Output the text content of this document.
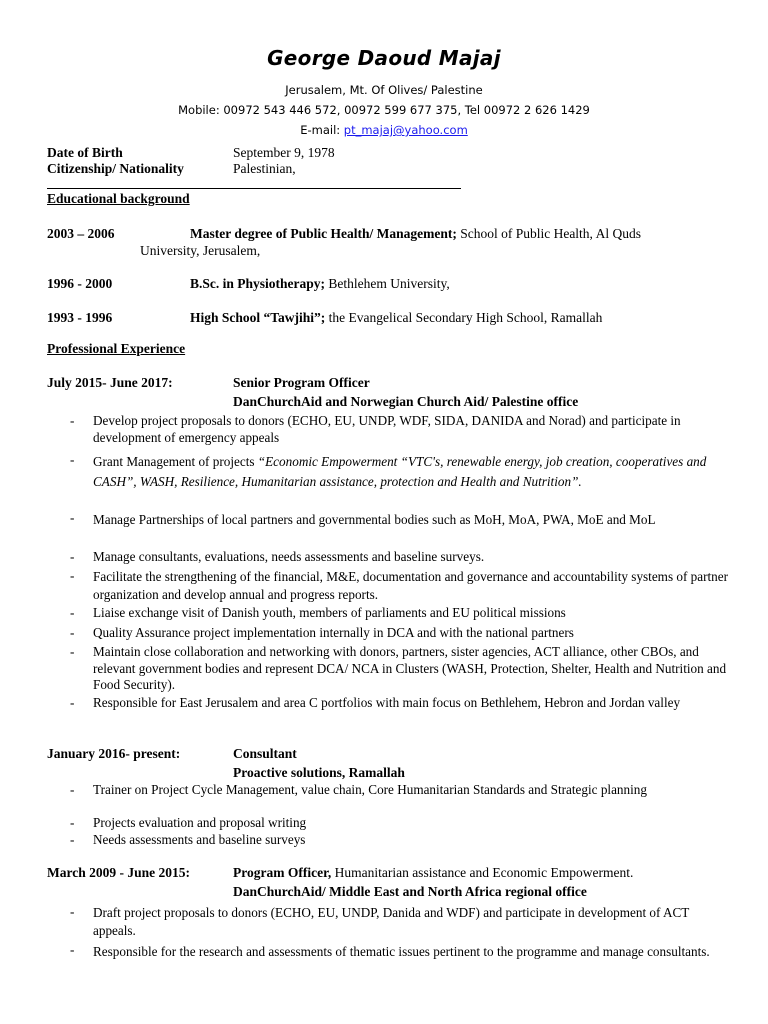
George Daoud Majaj
Jerusalem, Mt. Of Olives/ Palestine
Mobile: 00972 543 446 572, 00972 599 677 375, Tel 00972 2 626 1429
E-mail: pt_majaj@yahoo.com
Date of Birth	September 9, 1978
Citizenship/ Nationality	Palestinian,
Educational background
2003 – 2006	Master degree of Public Health/ Management; School of Public Health, Al Quds
University, Jerusalem,
1996 - 2000	B.Sc. in Physiotherapy; Bethlehem University,
1993 - 1996	High School “Tawjihi”; the Evangelical Secondary High School, Ramallah
Professional Experience
July 2015- June 2017:	Senior Program Officer
DanChurchAid and Norwegian Church Aid/ Palestine office
- Develop project proposals to donors (ECHO, EU, UNDP, WDF, SIDA, DANIDA and Norad) and participate in development of emergency appeals
- Grant Management of projects “Economic Empowerment “VTC's, renewable energy, job creation, cooperatives and CASH”, WASH, Resilience, Humanitarian assistance, protection and Health and Nutrition”.
- Manage Partnerships of local partners and governmental bodies such as MoH, MoA, PWA, MoE and MoL
- Manage consultants, evaluations, needs assessments and baseline surveys.
- Facilitate the strengthening of the financial, M&E, documentation and governance and accountability systems of partner organization and develop annual and progress reports.
- Liaise exchange visit of Danish youth, members of parliaments and EU political missions
- Quality Assurance project implementation internally in DCA and with the national partners
- Maintain close collaboration and networking with donors, partners, sister agencies, ACT alliance, other CBOs, and relevant government bodies and represent DCA/ NCA in Clusters (WASH, Protection, Shelter, Health and Nutrition and Food Security).
- Responsible for East Jerusalem and area C portfolios with main focus on Bethlehem, Hebron and Jordan valley
January 2016- present:	Consultant
Proactive solutions, Ramallah
- Trainer on Project Cycle Management, value chain, Core Humanitarian Standards and Strategic planning
- Projects evaluation and proposal writing
- Needs assessments and baseline surveys
March 2009 - June 2015:	Program Officer, Humanitarian assistance and Economic Empowerment.
DanChurchAid/ Middle East and North Africa regional office
- Draft project proposals to donors (ECHO, EU, UNDP, Danida and WDF) and participate in development of ACT appeals.
- Responsible for the research and assessments of thematic issues pertinent to the programme and manage consultants.
